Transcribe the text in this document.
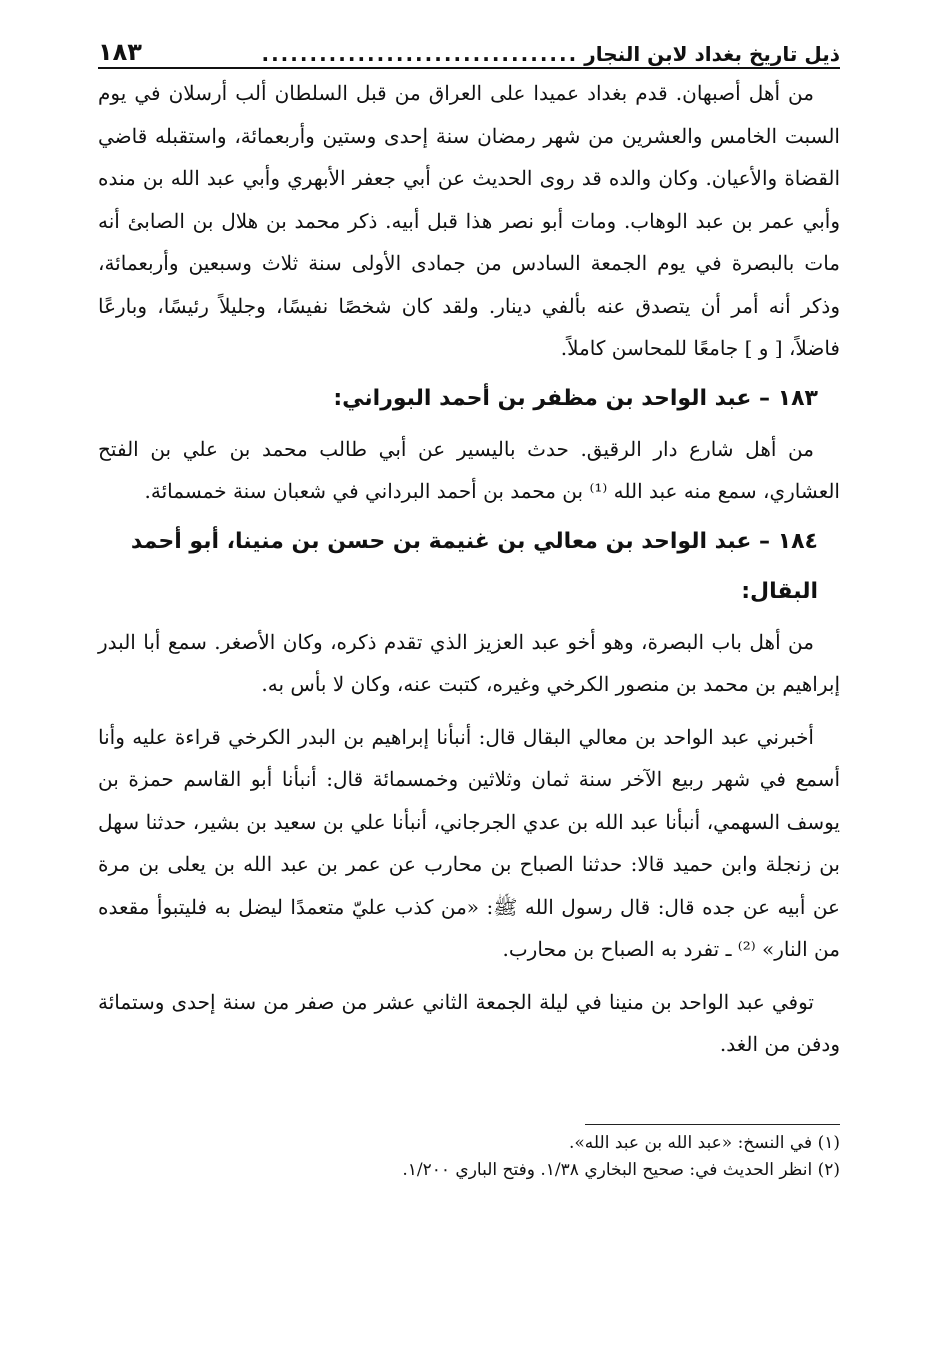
ذيل تاريخ بغداد لابن النجار
.................................
١٨٣

من أهل أصبهان. قدم بغداد عميدا على العراق من قبل السلطان ألب أرسلان في يوم السبت الخامس والعشرين من شهر رمضان سنة إحدى وستين وأربعمائة، واستقبله قاضي القضاة والأعيان. وكان والده قد روى الحديث عن أبي جعفر الأبهري وأبي عبد الله بن منده وأبي عمر بن عبد الوهاب. ومات أبو نصر هذا قبل أبيه. ذكر محمد بن هلال بن الصابئ أنه مات بالبصرة في يوم الجمعة السادس من جمادى الأولى سنة ثلاث وسبعين وأربعمائة، وذكر أنه أمر أن يتصدق عنه بألفي دينار. ولقد كان شخصًا نفيسًا، وجليلاً رئيسًا، وبارعًا فاضلاً، [ و ] جامعًا للمحاسن كاملاً.

١٨٣ – عبد الواحد بن مظفر بن أحمد البوراني:

من أهل شارع دار الرقيق. حدث باليسير عن أبي طالب محمد بن علي بن الفتح العشاري، سمع منه عبد الله ⁽¹⁾ بن محمد بن أحمد البرداني في شعبان سنة خمسمائة.

١٨٤ – عبد الواحد بن معالي بن غنيمة بن حسن بن منينا، أبو أحمد البقال:

من أهل باب البصرة، وهو أخو عبد العزيز الذي تقدم ذكره، وكان الأصغر. سمع أبا البدر إبراهيم بن محمد بن منصور الكرخي وغيره، كتبت عنه، وكان لا بأس به.

أخبرني عبد الواحد بن معالي البقال قال: أنبأنا إبراهيم بن البدر الكرخي قراءة عليه وأنا أسمع في شهر ربيع الآخر سنة ثمان وثلاثين وخمسمائة قال: أنبأنا أبو القاسم حمزة بن يوسف السهمي، أنبأنا عبد الله بن عدي الجرجاني، أنبأنا علي بن سعيد بن بشير، حدثنا سهل بن زنجلة وابن حميد قالا: حدثنا الصباح بن محارب عن عمر بن عبد الله بن يعلى بن مرة عن أبيه عن جده قال: قال رسول الله ﷺ: «من كذب عليّ متعمدًا ليضل به فليتبوأ مقعده من النار» ⁽²⁾ ـ تفرد به الصباح بن محارب.

توفي عبد الواحد بن منينا في ليلة الجمعة الثاني عشر من صفر من سنة إحدى وستمائة ودفن من الغد.

(١) في النسخ: «عبد الله بن عبد الله».
(٢) انظر الحديث في: صحيح البخاري ١/٣٨. وفتح الباري ١/٢٠٠.
